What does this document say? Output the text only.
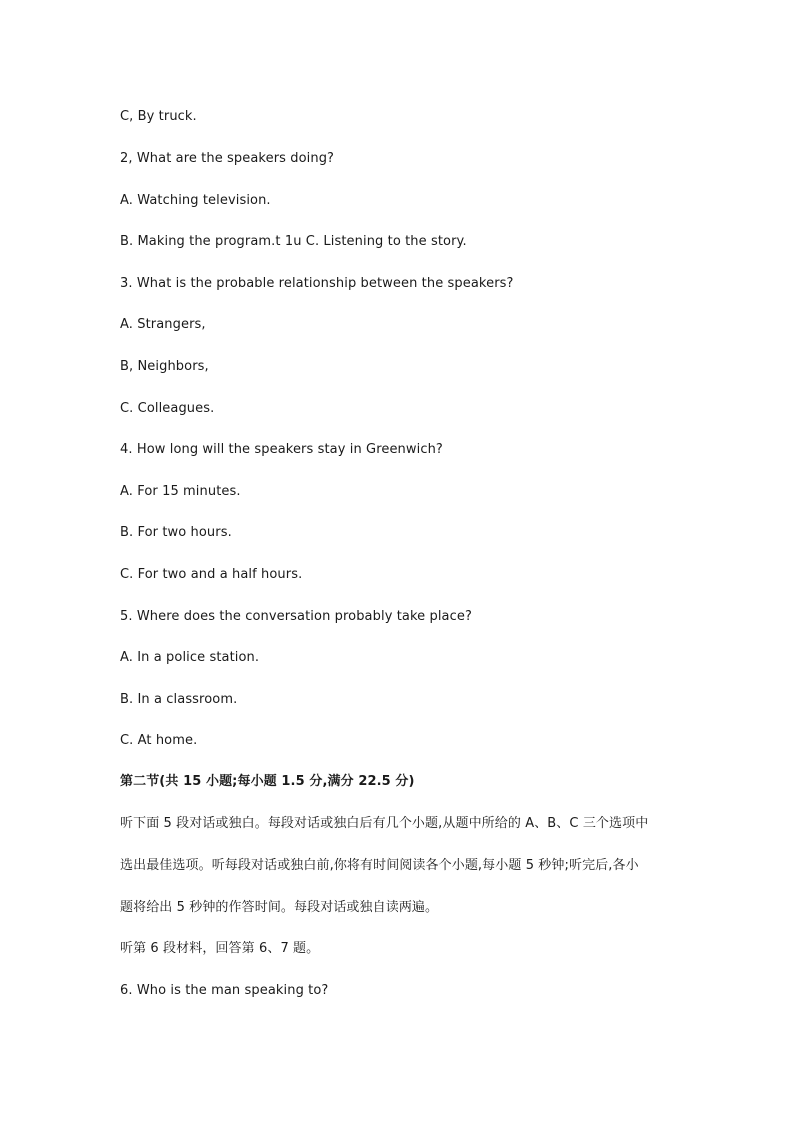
C, By truck.
2, What are the speakers doing?
A. Watching television.
B. Making the program.t 1u C. Listening to the story.
3. What is the probable relationship between the speakers?
A. Strangers,
B, Neighbors,
C. Colleagues.
4. How long will the speakers stay in Greenwich?
A. For 15 minutes.
B. For two hours.
C. For two and a half hours.
5. Where does the conversation probably take place?
A. In a police station.
B. In a classroom.
C. At home.
第二节(共 15 小题;每小题 1.5 分,满分 22.5 分)
听下面 5 段对话或独白。每段对话或独白后有几个小题,从题中所给的 A、B、C 三个选项中
选出最佳选项。听每段对话或独白前,你将有时间阅读各个小题,每小题 5 秒钟;听完后,各小
题将给出 5 秒钟的作答时间。每段对话或独自读两遍。
听第 6 段材料，回答第 6、7 题。
6. Who is the man speaking to?
